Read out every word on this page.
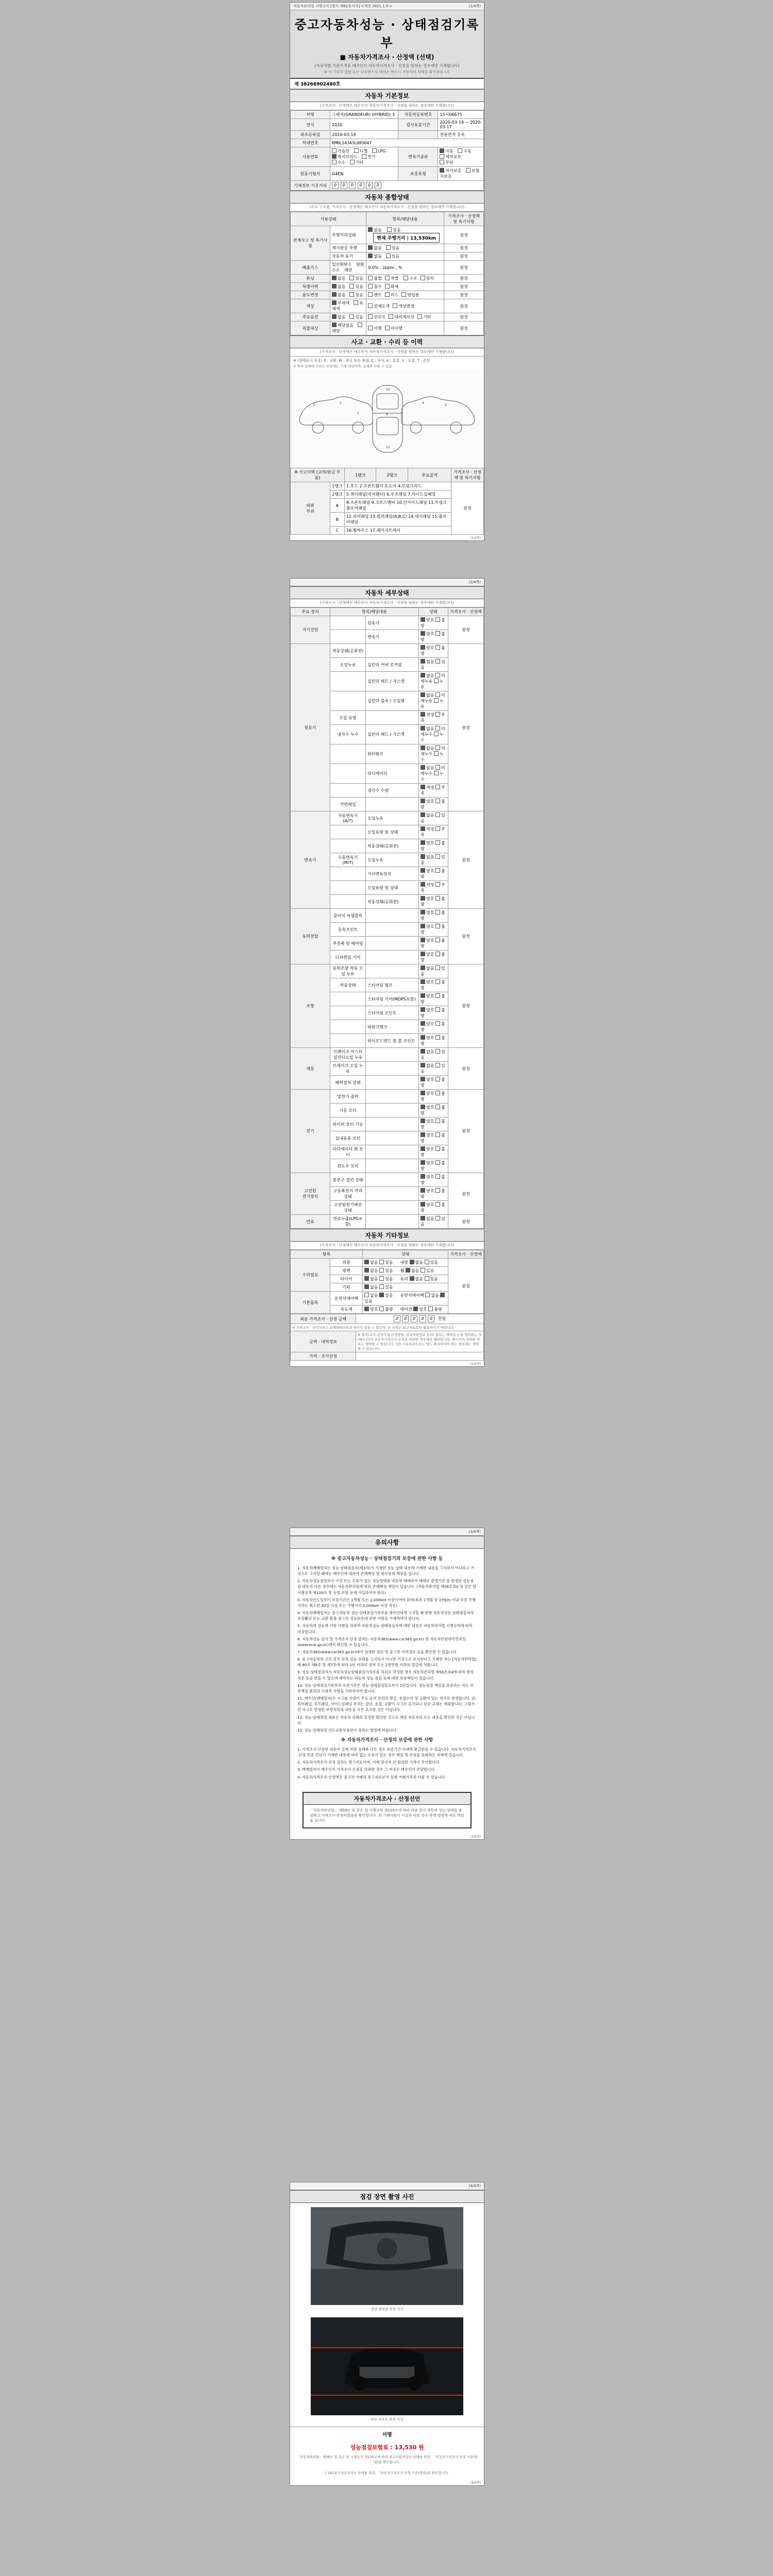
자동차관리법 시행규칙 [별지 제82호서식] <개정 2021.1.5.>	(1/4쪽)
중고자동차성능 · 상태점검기록부
■ 자동차가격조사 · 산정액 (선택)
(자동차법 기준가격표 매수인이 자동차가격조사 · 산정을 원하는 경우에만 기재합니다)
※ 이 기록부 열람 또는 교부받으실 때에는 반드시 자동차의 상태를 확인하십시오
제 38266902480호
자동차 기본정보
(가격조사 · 산정액은 매수인이 자동차가격조사 · 산정을 원하는 경우에만 기재합니다)
차명	그랜저(GRANDEUR) (HYBRID) 3	자동차등록번호	15서06675
연식	2020	검사유효기간	2020-03-19 ~ 2020-03-17
최초등록일	2020-03-19		전용면적 등록
차대번호	KMHL14JAJLU03647		
사용연료	가솔린 디젤 LPG 하이브리드 전기 수소 기타	변속기종류	자동 수동 세미오토 무단
원동기형식	G4EN	보증유형	자가보증 보험사보증
기재정보 기준거리	0 0 0 0 0 0		
자동차 종합상태
(주요 구조물, 가격조사 · 산정액은 매수인이 자동차가격조사 · 산정을 원하는 경우에만 기재합니다)
사용상태		항목/해당내용	가격조사 · 산정액 및 특기사항
전체사고 및 특기사항	주행거리상태	없음 있음 현재 주행거리 | 13,530km	원정
	계기판상 주행	없음 있음	원정
	자동차 표기	없음 있음	원정
배출가스	일산화탄소 탄화수소 매연	0.0% , 2ppm , %	원정
튜닝	없음 있음	불법 적법 구조 장치	원정
특별이력	없음 있음	침수 화재	원정
용도변경	없음 있음	렌트 리스 영업용	원정
색상	무채색 유채색	전체도색 색상변경	원정
주요옵션	없음 있음	선루프 내비게이션 기타	원정
리콜대상	해당없음해당	이행 미이행	원정
사고 · 교환 · 수리 등 이력
(가격조사 · 산정액은 매수인이 자동차가격조사 · 산정을 원하는 경우에만 기재합니다)
※ (상태표시 부호) X : 교환, W : 판금 또는 용접, C : 부식, A : 흠집, U : 요철, T : 손상
※ 外부 상태에 속하는 부품에는 기재 대상이며, 실제와 다를 수 있음
3
2
1
10
12
6
5
4
※ 사고이력 (교차/판금 부품)		1랭크	2랭크	주요골격	가격조사 · 산정액 및 특기사항
외판
부위	1랭크	1.후드 2.프론트휀더 3.도어 4.트렁크리드			원정
	2랭크	5.쿼터패널(리어휀더) 6.루프패널 7.사이드실패널			
	A	8.프론트패널 9.크로스멤버 10.인사이드패널 11.트렁크플로어패널			
	B	12.리어패널 13.필러패널(A,B,C) 14.대시패널 15.플로어패널			
	C	16.휠하우스 17.패키지트레이			
(1/4쪽)
(2/4쪽)
자동차 세부상태
(가격조사 · 산정액은 매수인이 자동차가격조사 · 산정을 원하는 경우에만 기재합니다)
주요 장치	항목/해당내용		상태	가격조사 · 산정액
자기진단		원동기	양호 불량	원정
		변속기	양호 불량	
원동기	작동상태(공회전)		양호 불량	원정
	오일누유	실린더 커버 로커암	없음 있음	
		실린더 헤드 / 가스켓	없음 미세누유 누유	
		실린더 블록 / 오일팬	없음 미세누유 누유	
	오일 유량		적정 부족	
	냉각수 누수	실린더 헤드 / 가스켓	없음 미세누수 누수	
		워터펌프	없음 미세누수 누수	
		라디에이터	없음 미세누수 누수	
		냉각수 수량	적정 부족	
	커먼레일		양호 불량	
변속기	자동변속기
(A/T)	오일누유	없음 있음	원정
		오일유량 및 상태	적정 부족	
		작동상태(공회전)	양호 불량	
	수동변속기
(M/T)	오일누유	없음 있음	
		기어변속장치	양호 불량	
		오일유량 및 상태	적정 부족	
		작동상태(공회전)	양호 불량	
동력전달	클러치 어셈블리		양호 불량	원정
	등속조인트		양호 불량	
	추진축 및 베어링		양호 불량	
	디퍼렌셜 기어		양호 불량	
조향	동력조향 작동 오일 누유		없음 있음	원정
	작동상태	스티어링 펌프	양호 불량	
		스티어링 기어(MDPS포함)	양호 불량	
		스티어링 조인트	양호 불량	
		파워크랭크	양호 불량	
		타이로드엔드 및 볼 조인트	양호 불량	
제동	브레이크 마스터 실린더오일 누유		없음 있음	원정
	브레이크 오일 누유		없음 있음	
	배력장치 상태		양호 불량	
전기	발전기 출력		양호 불량	원정
	시동 모터		양호 불량	
	와이퍼 모터 기능		양호 불량	
	실내송풍 모터		양호 불량	
	라디에이터 팬 모터		양호 불량	
	윈도우 모터		양호 불량	
고전원
전기장치	충전구 절연 상태		양호 불량	원정
	구동축전지 격리 상태		양호 불량	
	고전원전기배선 상태		양호 불량	
연료	연료누출(LPG포함)		없음 있음	원정
자동차 기타정보
(가격조사 · 산정액은 매수인이 자동차가격조사 · 산정을 원하는 경우에만 기재합니다)
항목		상태	가격조사 · 산정액
수리필요	외장	없음 있음 내장 없음 있음	원정
	광택	없음 있음 휠 없음 있음	
	타이어	없음 있음 유리 없음 있음	
	기타	없음 있음	
기본품목	운전석에어백	없음 있음 동반석에어백 없음 있음	
	속도계	양호 불량 에어컨 양호 불량	
최종 가격조사 · 산정 금액	0 0 0 0 0 천원
※ 가격조사 · 산정가격은 실제매매가격과 차이가 있을 수 있으며, 본 금액은 참고자료로만 활용하시기 바랍니다.	
금액 · 내역정보	※ 별지(조사·산정가격 산정방법, 비교차량정보 등)의 첨부는 매매업 등을 영위하는 자(매도인)가 자동차가격조사·산정을 의뢰한 경우에만 해당합니다. 매수인이 의뢰한 경우는 생략할 수 있습니다. 성능기록부(본) 또는 별도 관리하여야 하는 경우에는 생략할 수 있습니다.
가격 · 조사산정	
(2/4쪽)
(3/4쪽)
유의사항
※ 중고자동차성능 · 상태점검기의 보증에 관한 사항 등

1. 자동차매매업자는 성능·상태점검자(제3자)가 기재한 성능·상태 내용에 기재한 내용을 고지하지 아니하고 거짓으로 고지할 때에는 매수인에 대하여 손해배상 및 형사상의 책임을 집니다.

2. 자동차성능점검자가 거짓 또는 오류가 있는 성능상태를 내용에 매매하여 매매로 발생기간 중 발생한 성능점검 내용과 다른 경우에는 자동차관리법에 따라 손해배상 책임이 있습니다. (자동차관리법 제58조의4 및 같은 법 시행규칙 제120조 및 동법 보험 등에 가입하여야 한다)

3. 자동차인도일부터 보증기간은 1개월 또는 2,000km 이상이어야 하며(최초 1개월 및 2천km 이내 보증 주행거리는 최소한 30일 이상 또는 주행거리 2,000km 이상 적용)

4. 자동차매매업자는 중고자동차 성능·상태점검기록부를 매수인에게 고지할 때 현행 자동차성능·상태점검자의 보증範위 또는 교환·환불·중고차 성능보증에 관한 사항을 기재하여야 합니다.

5. 자동차의 성능에 사항 이행을 위하여 자동차성능·상태점검자에 대한 내용은 자동차관리법 시행규칙에 따라 작성합니다.

6. 자동차성능 검사 및 가격조사·산정 결과는 자동차365(www.car365.go.kr) 및 자동차민원대국민포털(www.ecar.go.kr)에서 확인할 수 있습니다.

7. 자동차365(www.car365.go.kr)에서 상세한 정보 및 중고차 이력정보 등을 확인할 수 있습니다.

8. 중고자동차의 구조·장치 등의 성능·상태를 고지하지 아니한 거짓으로 표시한다고 기재한 자는 [자동차관리법] 제 80조 제6호 및 제7호에 따라 2년 이하의 징역 또는 2천만원 이하의 벌금에 처합니다.

9. 성능·상태점검자가 자동차성능상태점검기록부를 허위로 작성한 경우 자동차관리법 제58조의4에 따라 행정처분 등을 받을 수 있으며 제작자는 자동차 성능 점검 등에 대한 보증책임이 있습니다.

10. 성능·상태점검기록부의 보관기간은 성능·상태점검일로부터 2년입니다. 성능점검 책임을 보증하는 자는 보증책임 범위의 구체적 사항을 기록하여야 합니다.

11. 매수인(매매업자)은 시고를 지원이 주요 골격 부위의 판금, 용접수리 및 교환이 있는 경우로 한정합니다. 단, 쿼터패널, 루프패널, 사이드실패널 부위는 절단, 용접, 교환이 시고로 표기되나 단순 교체는 제외합니다. 그렇지만 사고로 발생한 보험처리의 내용을 모두 표기한 것은 아닙니다.

12. 성능·상태점검 내용은 자동차 상태의 일정한 확인한 것으로 해당 자동차의 모든 내용을 확인한 것은 아닙니다.

13. 성능·상태점검 국토교통부장관이 정하는 방법에 따릅니다.

※ 자동차가격조사 · 산정의 보증에 관한 사항

1. 가격조사·산정한 내용이 실제 차량 상태와 다른 경우 보증기간 이내에 환급받을 수 있습니다. 자동차가격조사·산정 보증 진단기 기재한 내용에 따라 없는 오류가 있는 경우 책임 및 보상을 의뢰하는 자에게 있습니다.

2. 자동차가격조사·산정 결과는 참고자료이며, 거래 당사자 간 합의한 가격이 우선합니다.

3. 매매업자가 매수인이 가격조사·산정을 의뢰한 경우 그 비용은 매수인이 부담합니다.

4. 자동차가격조사·산정액은 중고차 거래의 참고자료로서 실제 거래가격과 다를 수 있습니다.

자동차가격조사 · 산정선언
「자동차관리법」 제58조 및 같은 법 시행규칙 제120조에 따라 위와 같이 자동차 성능·상태를 점검하고 가격조사·산정하였음을 확인합니다. 위 기재사항이 사실과 다를 경우 관계 법령에 따른 책임을 집니다.
(3/4쪽)
(4/4쪽)
점검 장면 촬영 사진
전면 엔진룸 점검 사진
하부 리프트 점검 사진
서명
성능점검보험료 : 13,530 원
「자동차관리법」제58조 및 같은 법 시행규칙 제120조에 따라 중고자동차성능·상태를 점검, 「자동차가격조사·산정 기준(법령)을 확인합니다.
[ 191중고자동차성능·상태를 점검, 「자동차가격조사·산정 기준(법령)을 확인합니다.
(4/4쪽)
